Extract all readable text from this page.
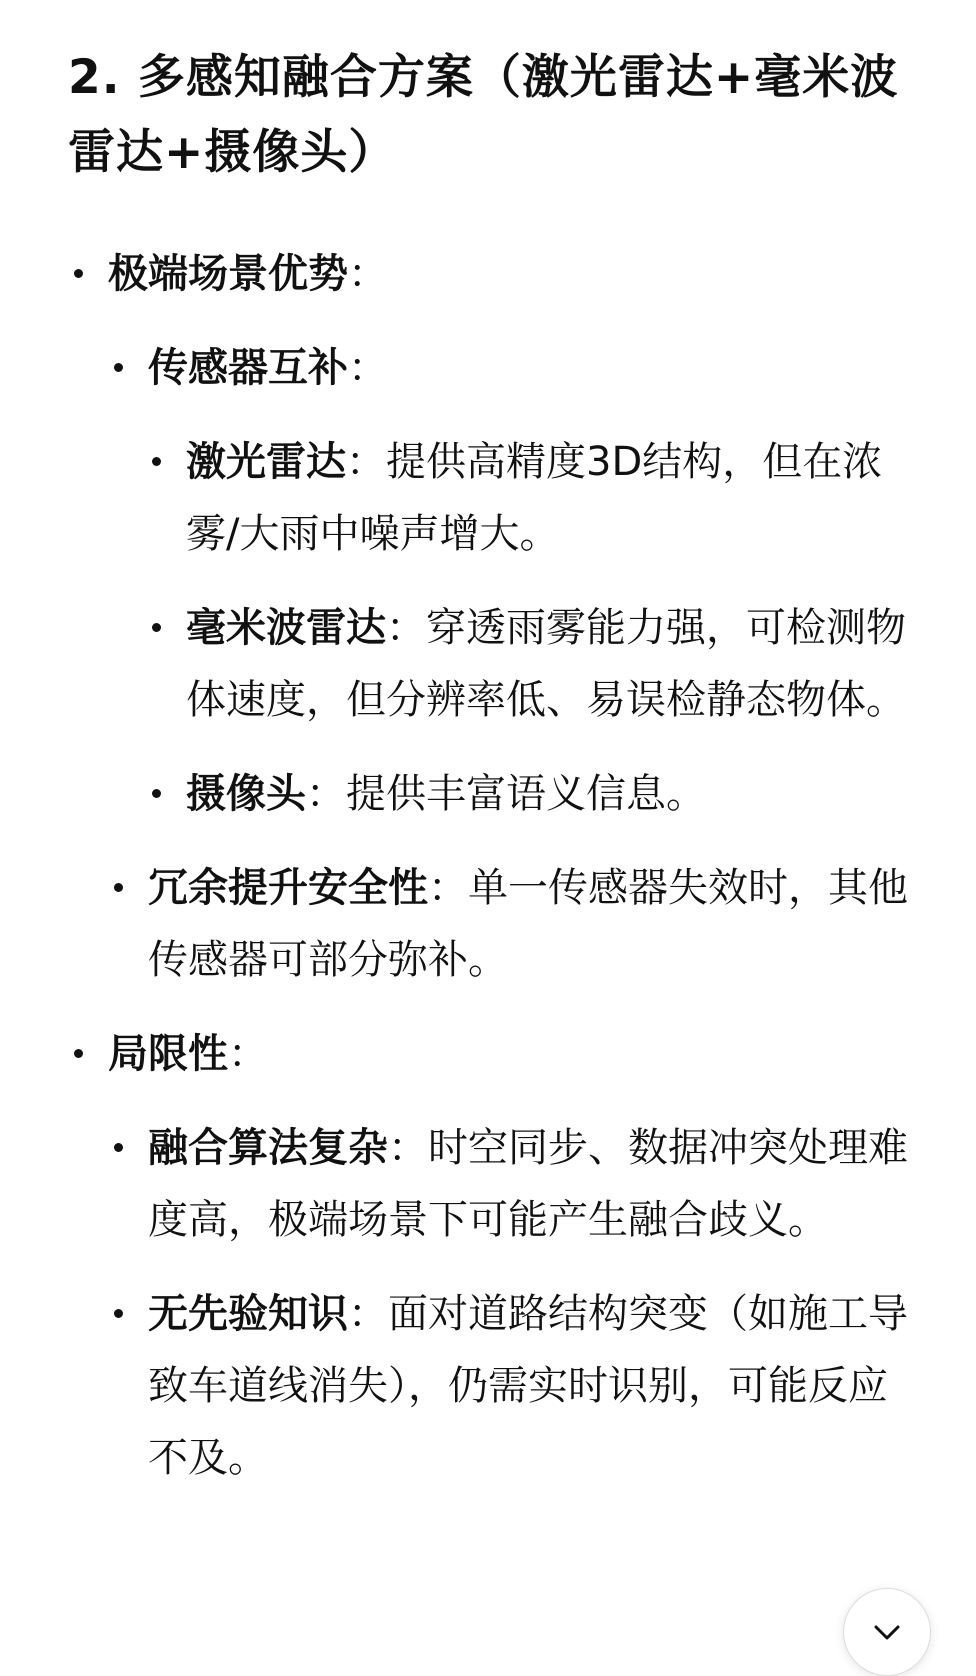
2. 多感知融合方案（激光雷达+毫米波雷达+摄像头）
极端场景优势：
传感器互补：
激光雷达：提供高精度3D结构，但在浓雾/大雨中噪声增大。
毫米波雷达：穿透雨雾能力强，可检测物体速度，但分辨率低、易误检静态物体。
摄像头：提供丰富语义信息。
冗余提升安全性：单一传感器失效时，其他传感器可部分弥补。
局限性：
融合算法复杂：时空同步、数据冲突处理难度高，极端场景下可能产生融合歧义。
无先验知识：面对道路结构突变（如施工导致车道线消失），仍需实时识别，可能反应不及。
